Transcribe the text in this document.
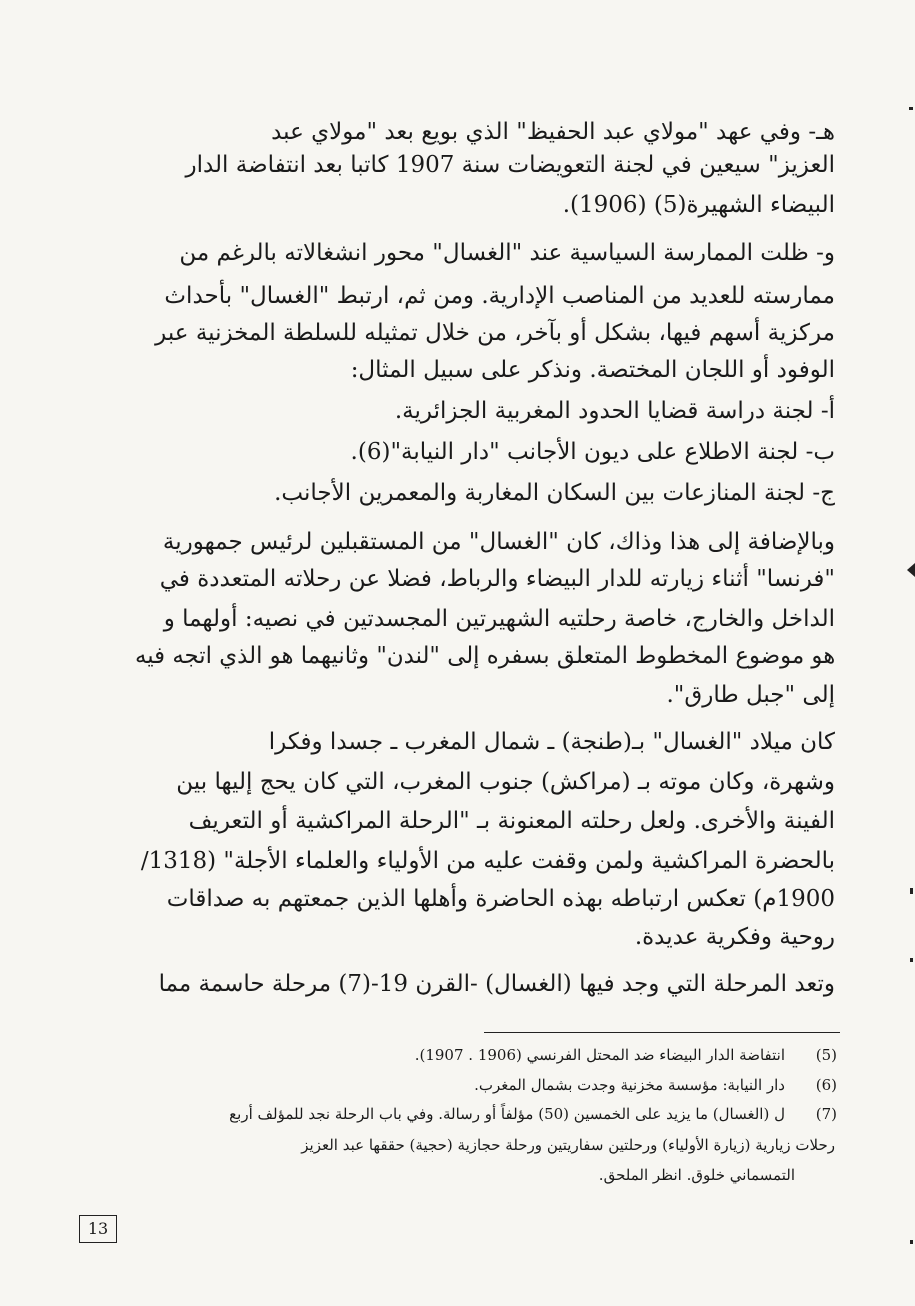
هـ- وفي عهد "مولاي عبد الحفيظ" الذي بويع بعد "مولاي عبد
العزيز" سيعين في لجنة التعويضات سنة 1907 كاتبا بعد انتفاضة الدار
البيضاء الشهيرة(5) (1906).
و- ظلت الممارسة السياسية عند "الغسال" محور انشغالاته بالرغم من
ممارسته للعديد من المناصب الإدارية. ومن ثم، ارتبط "الغسال" بأحداث
مركزية أسهم فيها، بشكل أو بآخر، من خلال تمثيله للسلطة المخزنية عبر
الوفود أو اللجان المختصة. ونذكر على سبيل المثال:
أ- لجنة دراسة قضايا الحدود المغربية الجزائرية.
ب- لجنة الاطلاع على ديون الأجانب "دار النيابة"(6).
ج- لجنة المنازعات بين السكان المغاربة والمعمرين الأجانب.
وبالإضافة إلى هذا وذاك، كان "الغسال" من المستقبلين لرئيس جمهورية
"فرنسا" أثناء زيارته للدار البيضاء والرباط، فضلا عن رحلاته المتعددة في
الداخل والخارج، خاصة رحلتيه الشهيرتين المجسدتين في نصيه: أولهما و
هو موضوع المخطوط المتعلق بسفره إلى "لندن" وثانيهما هو الذي اتجه فيه
إلى "جبل طارق".
كان ميلاد "الغسال" بـ(طنجة) ـ شمال المغرب ـ جسدا وفكرا
وشهرة، وكان موته بـ (مراكش) جنوب المغرب، التي كان يحج إليها بين
الفينة والأخرى. ولعل رحلته المعنونة بـ "الرحلة المراكشية أو التعريف
بالحضرة المراكشية ولمن وقفت عليه من الأولياء والعلماء الأجلة" (1318/
1900م) تعكس ارتباطه بهذه الحاضرة وأهلها الذين جمعتهم به صداقات
روحية وفكرية عديدة.
وتعد المرحلة التي وجد فيها (الغسال) -القرن 19-(7) مرحلة حاسمة مما
(5)
انتفاضة الدار البيضاء ضد المحتل الفرنسي (1906 . 1907).
(6)
دار النيابة: مؤسسة مخزنية وجدت بشمال المغرب.
(7)
ل (الغسال) ما يزيد على الخمسين (50) مؤلفاً أو رسالة. وفي باب الرحلة نجد للمؤلف أربع
رحلات زيارية (زيارة الأولياء) ورحلتين سفاريتين ورحلة حجازية (حجية) حققها عبد العزيز
التمسماني خلوق. انظر الملحق.
13
